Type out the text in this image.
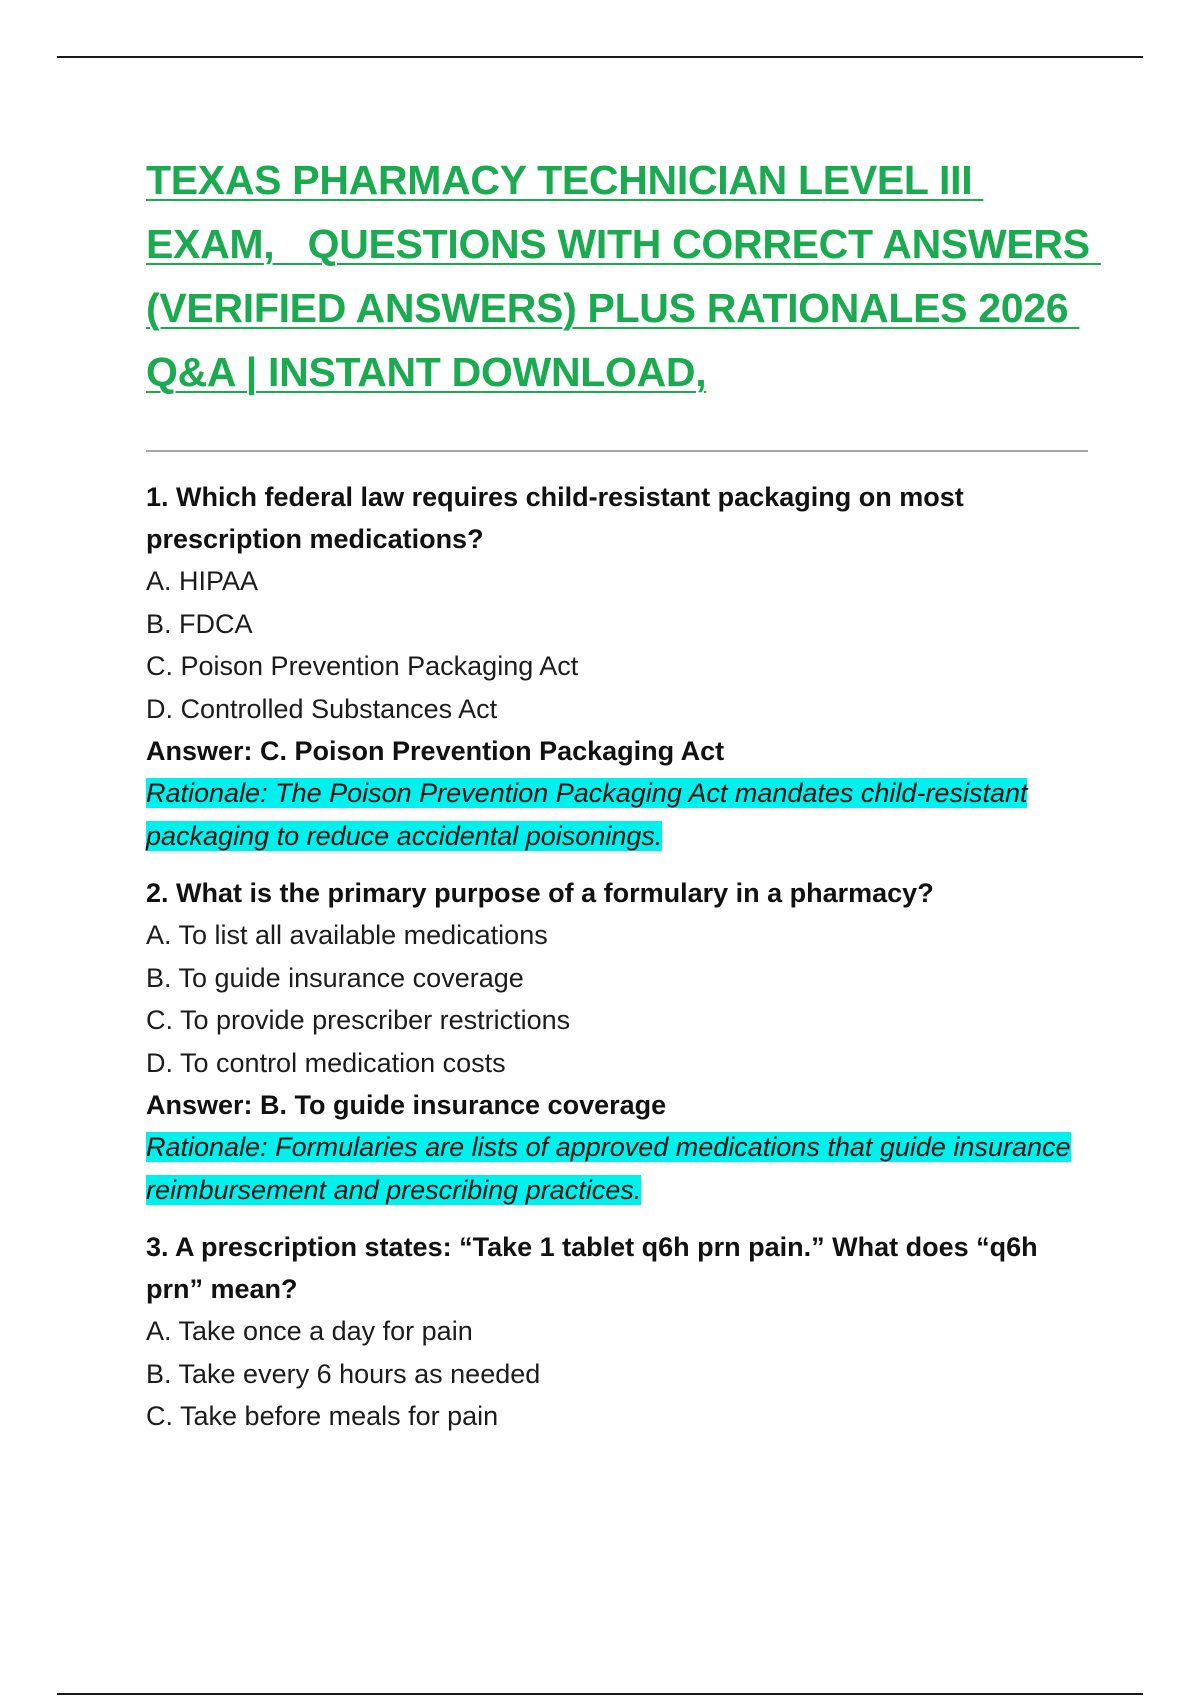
TEXAS PHARMACY TECHNICIAN LEVEL III EXAM,   QUESTIONS WITH CORRECT ANSWERS (VERIFIED ANSWERS) PLUS RATIONALES 2026 Q&A | INSTANT DOWNLOAD,

1. Which federal law requires child-resistant packaging on most prescription medications?

A. HIPAA

B. FDCA

C. Poison Prevention Packaging Act

D. Controlled Substances Act

Answer: C. Poison Prevention Packaging Act

Rationale: The Poison Prevention Packaging Act mandates child-resistant packaging to reduce accidental poisonings.

2. What is the primary purpose of a formulary in a pharmacy?

A. To list all available medications

B. To guide insurance coverage

C. To provide prescriber restrictions

D. To control medication costs

Answer: B. To guide insurance coverage

Rationale: Formularies are lists of approved medications that guide insurance reimbursement and prescribing practices.

3. A prescription states: “Take 1 tablet q6h prn pain.” What does “q6h prn” mean?

A. Take once a day for pain

B. Take every 6 hours as needed

C. Take before meals for pain
